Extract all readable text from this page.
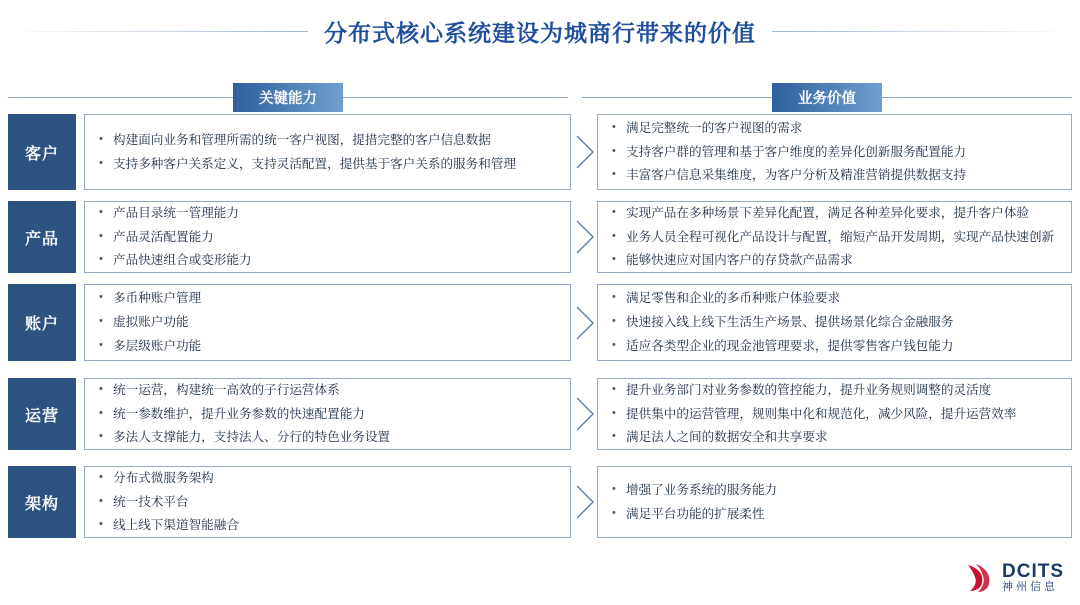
分布式核心系统建设为城商行带来的价值
关键能力	业务价值
客户
• 构建面向业务和管理所需的统一客户视图，提措完整的客户信息数据
• 支持多种客户关系定义，支持灵活配置，提供基于客户关系的服务和管理
• 满足完整统一的客户视图的需求
• 支持客户群的管理和基于客户维度的差异化创新服务配置能力
• 丰富客户信息采集维度，为客户分析及精准营销提供数据支持
产品
• 产品目录统一管理能力
• 产品灵活配置能力
• 产品快速组合或变形能力
• 实现产品在多种场景下差异化配置，满足各种差异化要求，提升客户体验
• 业务人员全程可视化产品设计与配置，缩短产品开发周期，实现产品快速创新
• 能够快速应对国内客户的存贷款产品需求
账户
• 多币种账户管理
• 虚拟账户功能
• 多层级账户功能
• 满足零售和企业的多币种账户体验要求
• 快速接入线上线下生活生产场景、提供场景化综合金融服务
• 适应各类型企业的现金池管理要求，提供零售客户钱包能力
运营
• 统一运营，构建统一高效的子行运营体系
• 统一参数维护，提升业务参数的快速配置能力
• 多法人支撑能力，支持法人、分行的特色业务设置
• 提升业务部门对业务参数的管控能力，提升业务规则调整的灵活度
• 提供集中的运营管理，规则集中化和规范化，减少风险，提升运营效率
• 满足法人之间的数据安全和共享要求
架构
• 分布式微服务架构
• 统一技术平台
• 线上线下渠道智能融合
• 增强了业务系统的服务能力
• 满足平台功能的扩展柔性
DCITS
神州信息
